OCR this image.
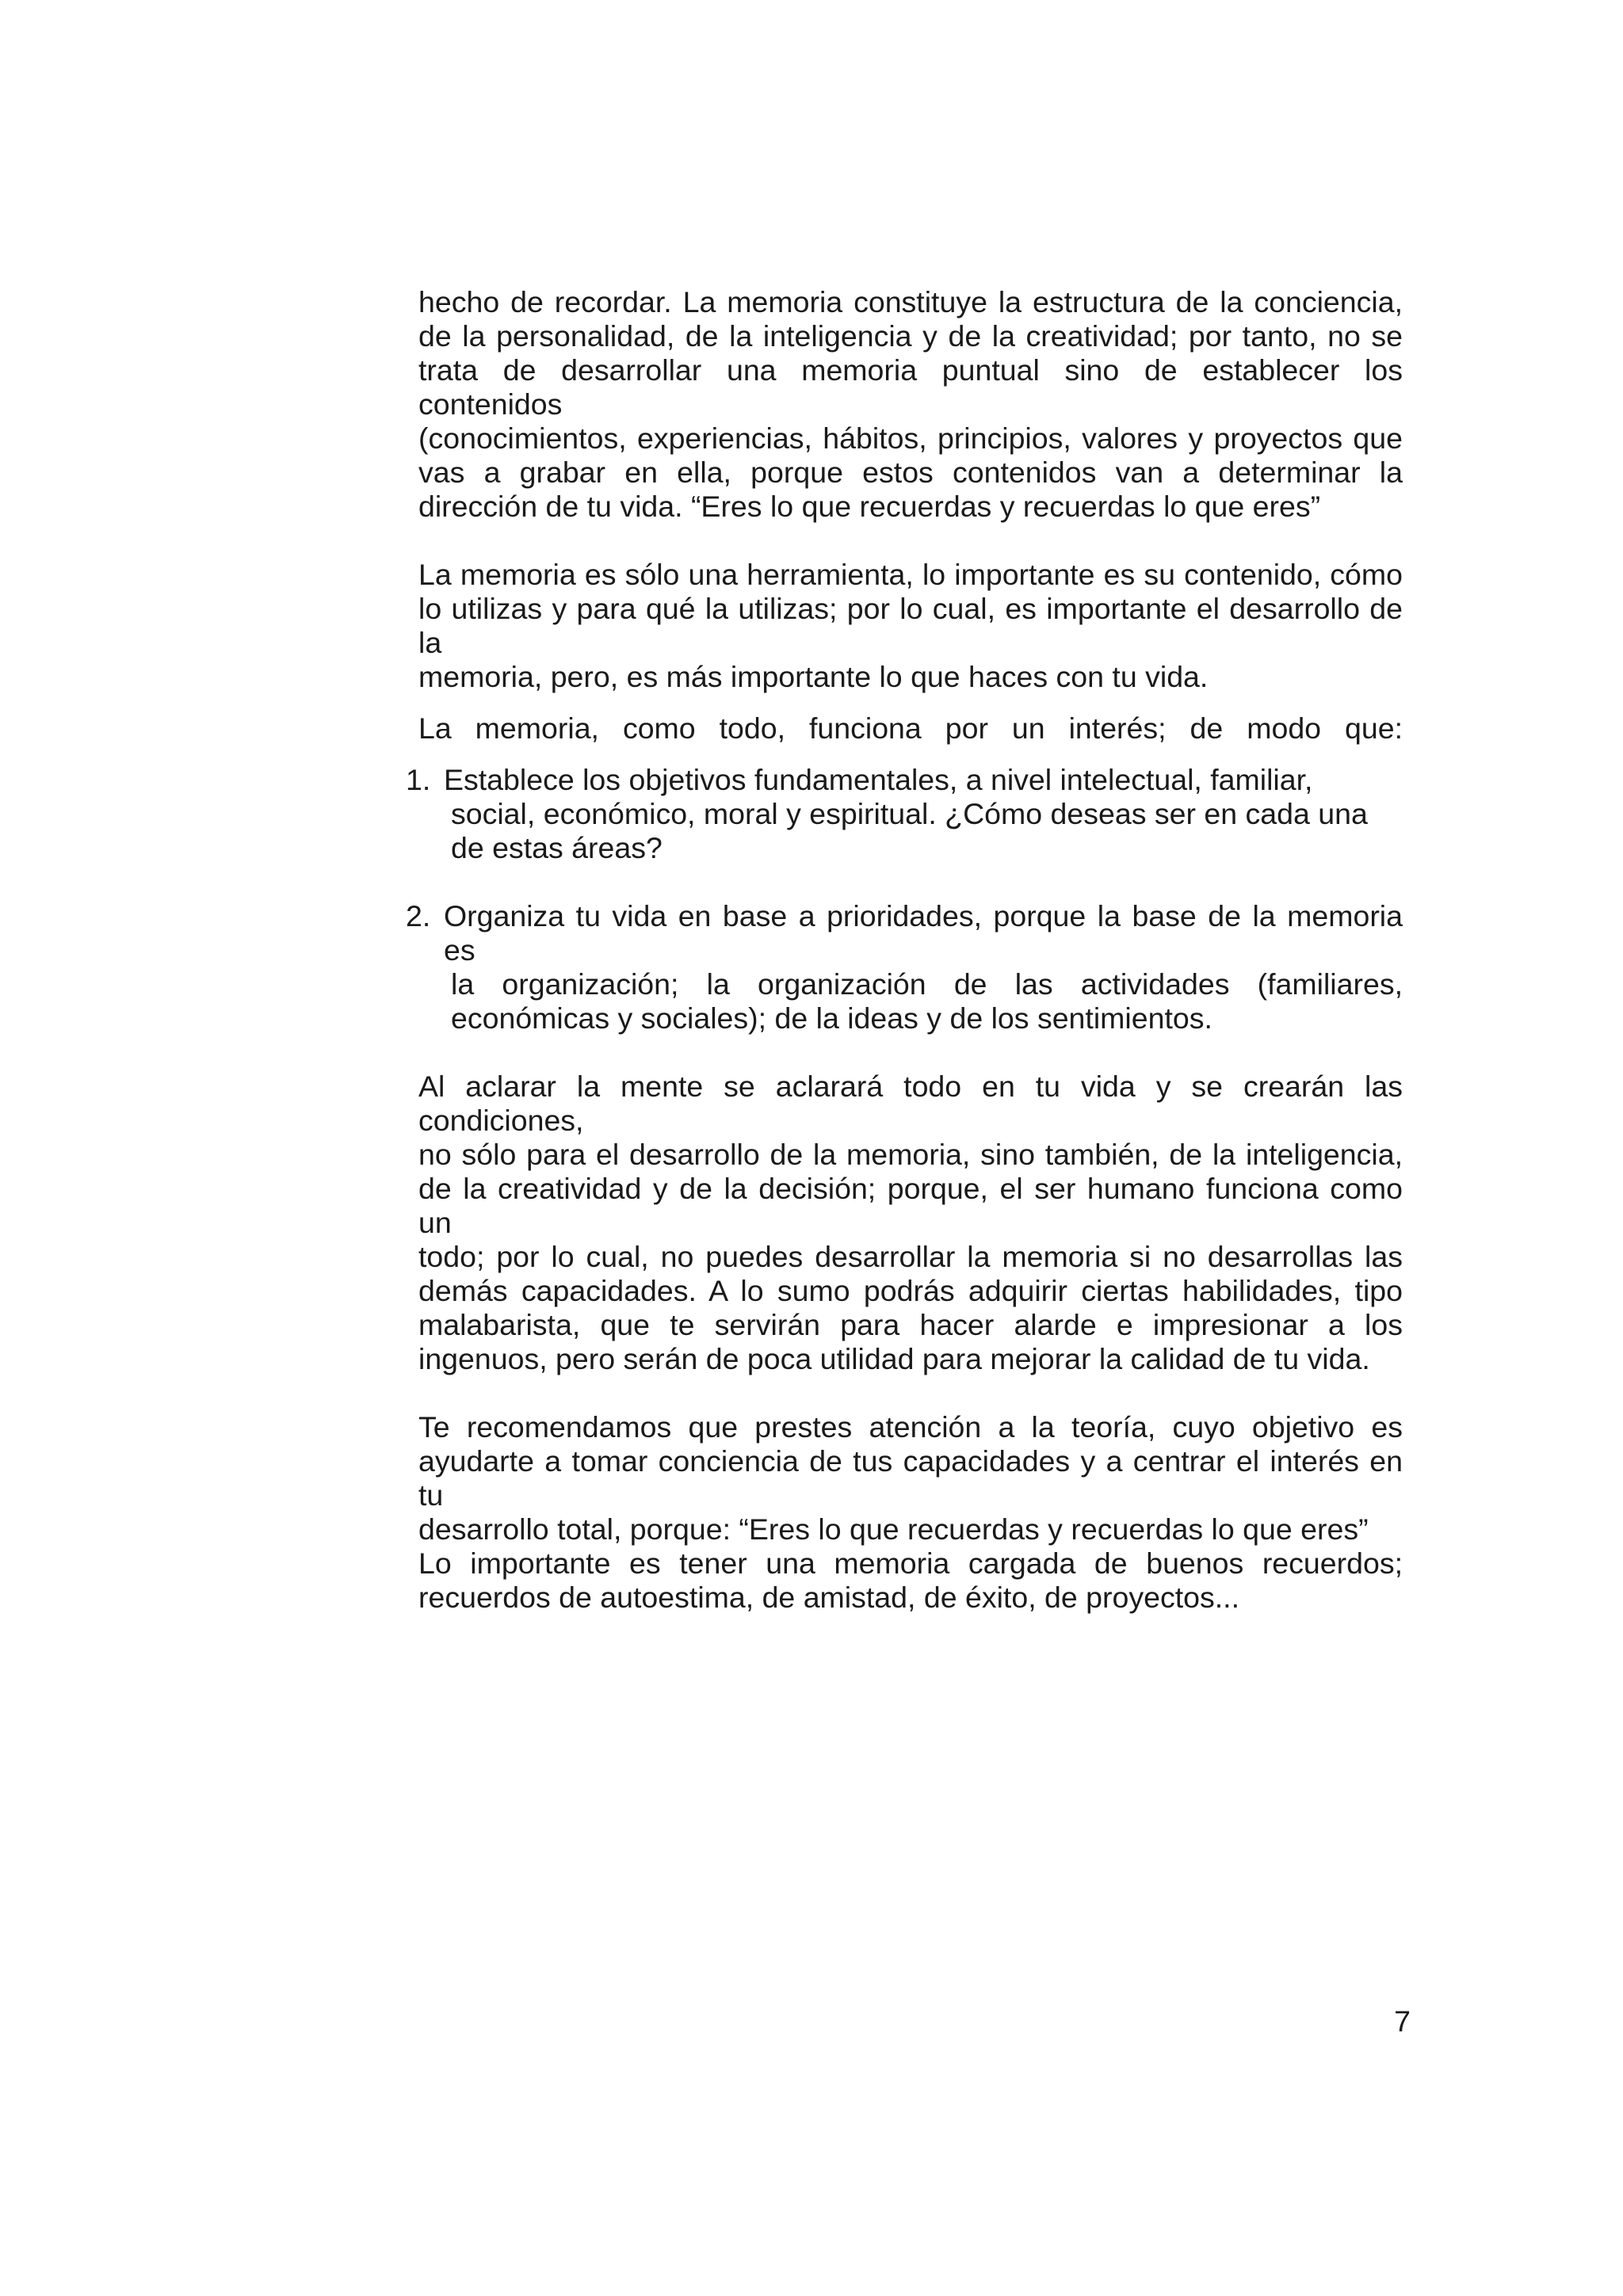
hecho de recordar. La memoria constituye la estructura de la conciencia,
de la personalidad, de la inteligencia y de la creatividad; por tanto, no se
trata de desarrollar una memoria puntual sino de establecer los contenidos
(conocimientos, experiencias, hábitos, principios, valores y proyectos que
vas a grabar en ella, porque estos contenidos van a determinar la
dirección de tu vida. “Eres lo que recuerdas y recuerdas lo que eres”

La memoria es sólo una herramienta, lo importante es su contenido, cómo
lo utilizas y para qué la utilizas; por lo cual, es importante el desarrollo de la
memoria, pero, es más importante lo que haces con tu vida.

La memoria, como todo, funciona por un interés; de modo que:

1. Establece los objetivos fundamentales, a nivel intelectual, familiar,
social, económico, moral y espiritual. ¿Cómo deseas ser en cada una
de estas áreas?
2. Organiza tu vida en base a prioridades, porque la base de la memoria es
la organización; la organización de las actividades (familiares,
económicas y sociales); de la ideas y de los sentimientos.

Al aclarar la mente se aclarará todo en tu vida y se crearán las condiciones,
no sólo para el desarrollo de la memoria, sino también, de la inteligencia,
de la creatividad y de la decisión; porque, el ser humano funciona como un
todo; por lo cual, no puedes desarrollar la memoria si no desarrollas las
demás capacidades. A lo sumo podrás adquirir ciertas habilidades, tipo
malabarista, que te servirán para hacer alarde e impresionar a los
ingenuos, pero serán de poca utilidad para mejorar la calidad de tu vida.

Te recomendamos que prestes atención a la teoría, cuyo objetivo es
ayudarte a tomar conciencia de tus capacidades y a centrar el interés en tu
desarrollo total, porque: “Eres lo que recuerdas y recuerdas lo que eres”
Lo importante es tener una memoria cargada de buenos recuerdos;
recuerdos de autoestima, de amistad, de éxito, de proyectos...

7
